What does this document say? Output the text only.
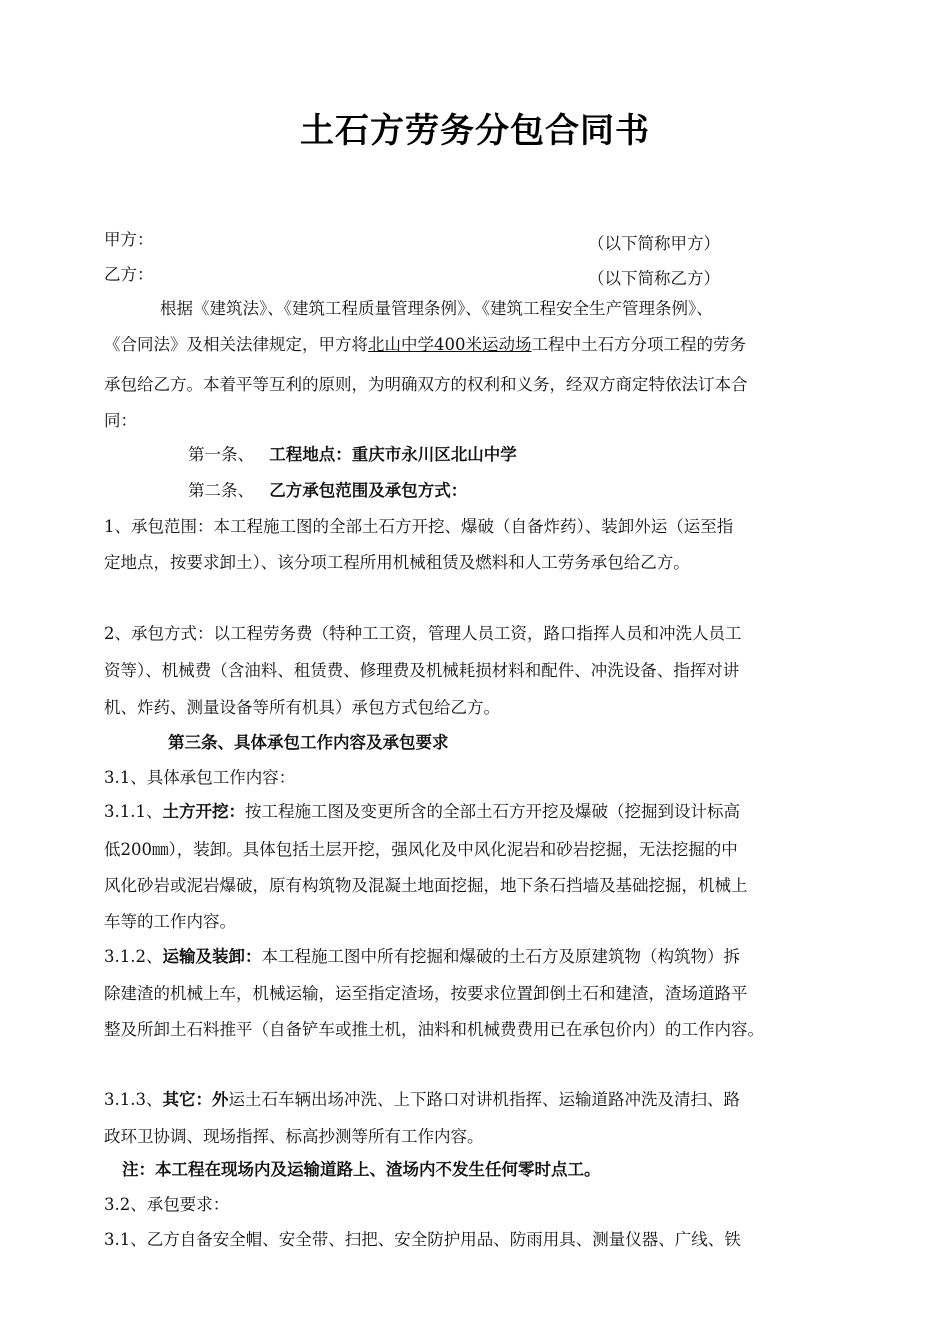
土石方劳务分包合同书
甲方：	（以下简称甲方）
乙方：	（以下简称乙方）
根据《建筑法》、《建筑工程质量管理条例》、《建筑工程安全生产管理条例》、
《合同法》及相关法律规定，甲方将北山中学400米运动场工程中土石方分项工程的劳务
承包给乙方。本着平等互利的原则，为明确双方的权利和义务，经双方商定特依法订本合
同：
第一条、 工程地点：重庆市永川区北山中学
第二条、 乙方承包范围及承包方式：
1、承包范围：本工程施工图的全部土石方开挖、爆破（自备炸药）、装卸外运（运至指
定地点，按要求卸土）、该分项工程所用机械租赁及燃料和人工劳务承包给乙方。
2、承包方式：以工程劳务费（特种工工资，管理人员工资，路口指挥人员和冲洗人员工
资等）、机械费（含油料、租赁费、修理费及机械耗损材料和配件、冲洗设备、指挥对讲
机、炸药、测量设备等所有机具）承包方式包给乙方。
第三条、具体承包工作内容及承包要求
3.1、具体承包工作内容：
3.1.1、土方开挖：按工程施工图及变更所含的全部土石方开挖及爆破（挖掘到设计标高
低200㎜），装卸。具体包括土层开挖，强风化及中风化泥岩和砂岩挖掘，无法挖掘的中
风化砂岩或泥岩爆破，原有构筑物及混凝土地面挖掘，地下条石挡墙及基础挖掘，机械上
车等的工作内容。
3.1.2、运输及装卸：本工程施工图中所有挖掘和爆破的土石方及原建筑物（构筑物）拆
除建渣的机械上车，机械运输，运至指定渣场，按要求位置卸倒土石和建渣，渣场道路平
整及所卸土石料推平（自备铲车或推土机，油料和机械费费用已在承包价内）的工作内容。
3.1.3、其它：外运土石车辆出场冲洗、上下路口对讲机指挥、运输道路冲洗及清扫、路
政环卫协调、现场指挥、标高抄测等所有工作内容。
注：本工程在现场内及运输道路上、渣场内不发生任何零时点工。
3.2、承包要求：
3.1、乙方自备安全帽、安全带、扫把、安全防护用品、防雨用具、测量仪器、广线、铁
